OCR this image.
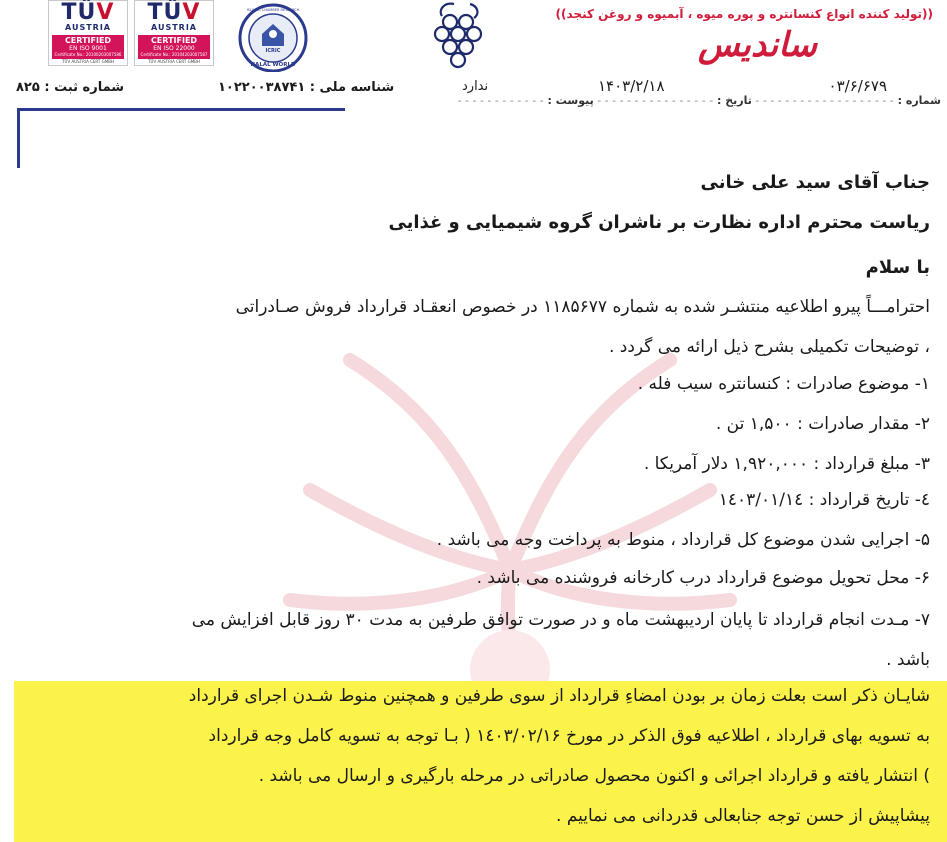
TÜV
AUSTRIA
CERTIFIED
EN ISO 9001
Certificate No.: 20100203007586
TÜV AUSTRIA CERT GMBH
TÜV
AUSTRIA
CERTIFIED
EN ISO 22000
Certificate No.: 20104203007587
TÜV AUSTRIA CERT GMBH
ICRIC
HALAL WORLD
ISLAMIC CHAMBER RESEARCH	((تولید کننده انواع کنسانتره و پوره میوه ، آبمیوه و روغن کنجد))
ساندیس
شماره ثبت : ۸۲۵	شناسه ملی : ۱۰۲۲۰۰۳۸۷۴۱	ندارد	۱۴۰۳/۲/۱۸	۰۳/۶/۶۷۹
شماره : - - - - - - - - - - - - - - - - - - - تاریخ : - - - - - - - - - - - - - - - - پیوست : - - - - - - - - - - - -
جناب آقای سید علی خانی
ریاست محترم اداره نظارت بر ناشران گروه شیمیایی و غذایی
با سلام
احترامـــاً پیرو اطلاعیه منتشـر شده به شماره ۱۱۸۵۶۷۷ در خصوص انعقـاد قرارداد فروش صـادراتی
، توضیحات تکمیلی بشرح ذیل ارائه می گردد .
۱- موضوع صادرات : کنسانتره سیب فله .
۲- مقدار صادرات : ۱,۵۰۰ تن .
۳- مبلغ قرارداد : ۱,۹۲۰,۰۰۰ دلار آمریکا .
٤- تاریخ قرارداد : ۱٤۰۳/۰۱/۱٤
۵- اجرایی شدن موضوع کل قرارداد ، منوط به پرداخت وجه می باشد .
۶- محل تحویل موضوع قرارداد درب کارخانه فروشنده می باشد .
۷- مـدت انجام قرارداد تا پایان اردیبهشت ماه و در صورت توافق طرفین به مدت ۳۰ روز قابل افزایش می
باشد .
شایـان ذکر است بعلت زمان بر بودن امضاءِ قرارداد از سوی طرفین و همچنین منوط شـدن اجرای قرارداد
به تسویه بهای قرارداد ، اطلاعیه فوق الذکر در مورخ ۱٤۰۳/۰۲/۱۶ ( بـا توجه به تسویه کامل وجه قرارداد
) انتشار یافته و قرارداد اجرائی و اکنون محصول صادراتی در مرحله بارگیری و ارسال می باشد .
پیشاپیش از حسن توجه جنابعالی قدردانی می نماییم .
